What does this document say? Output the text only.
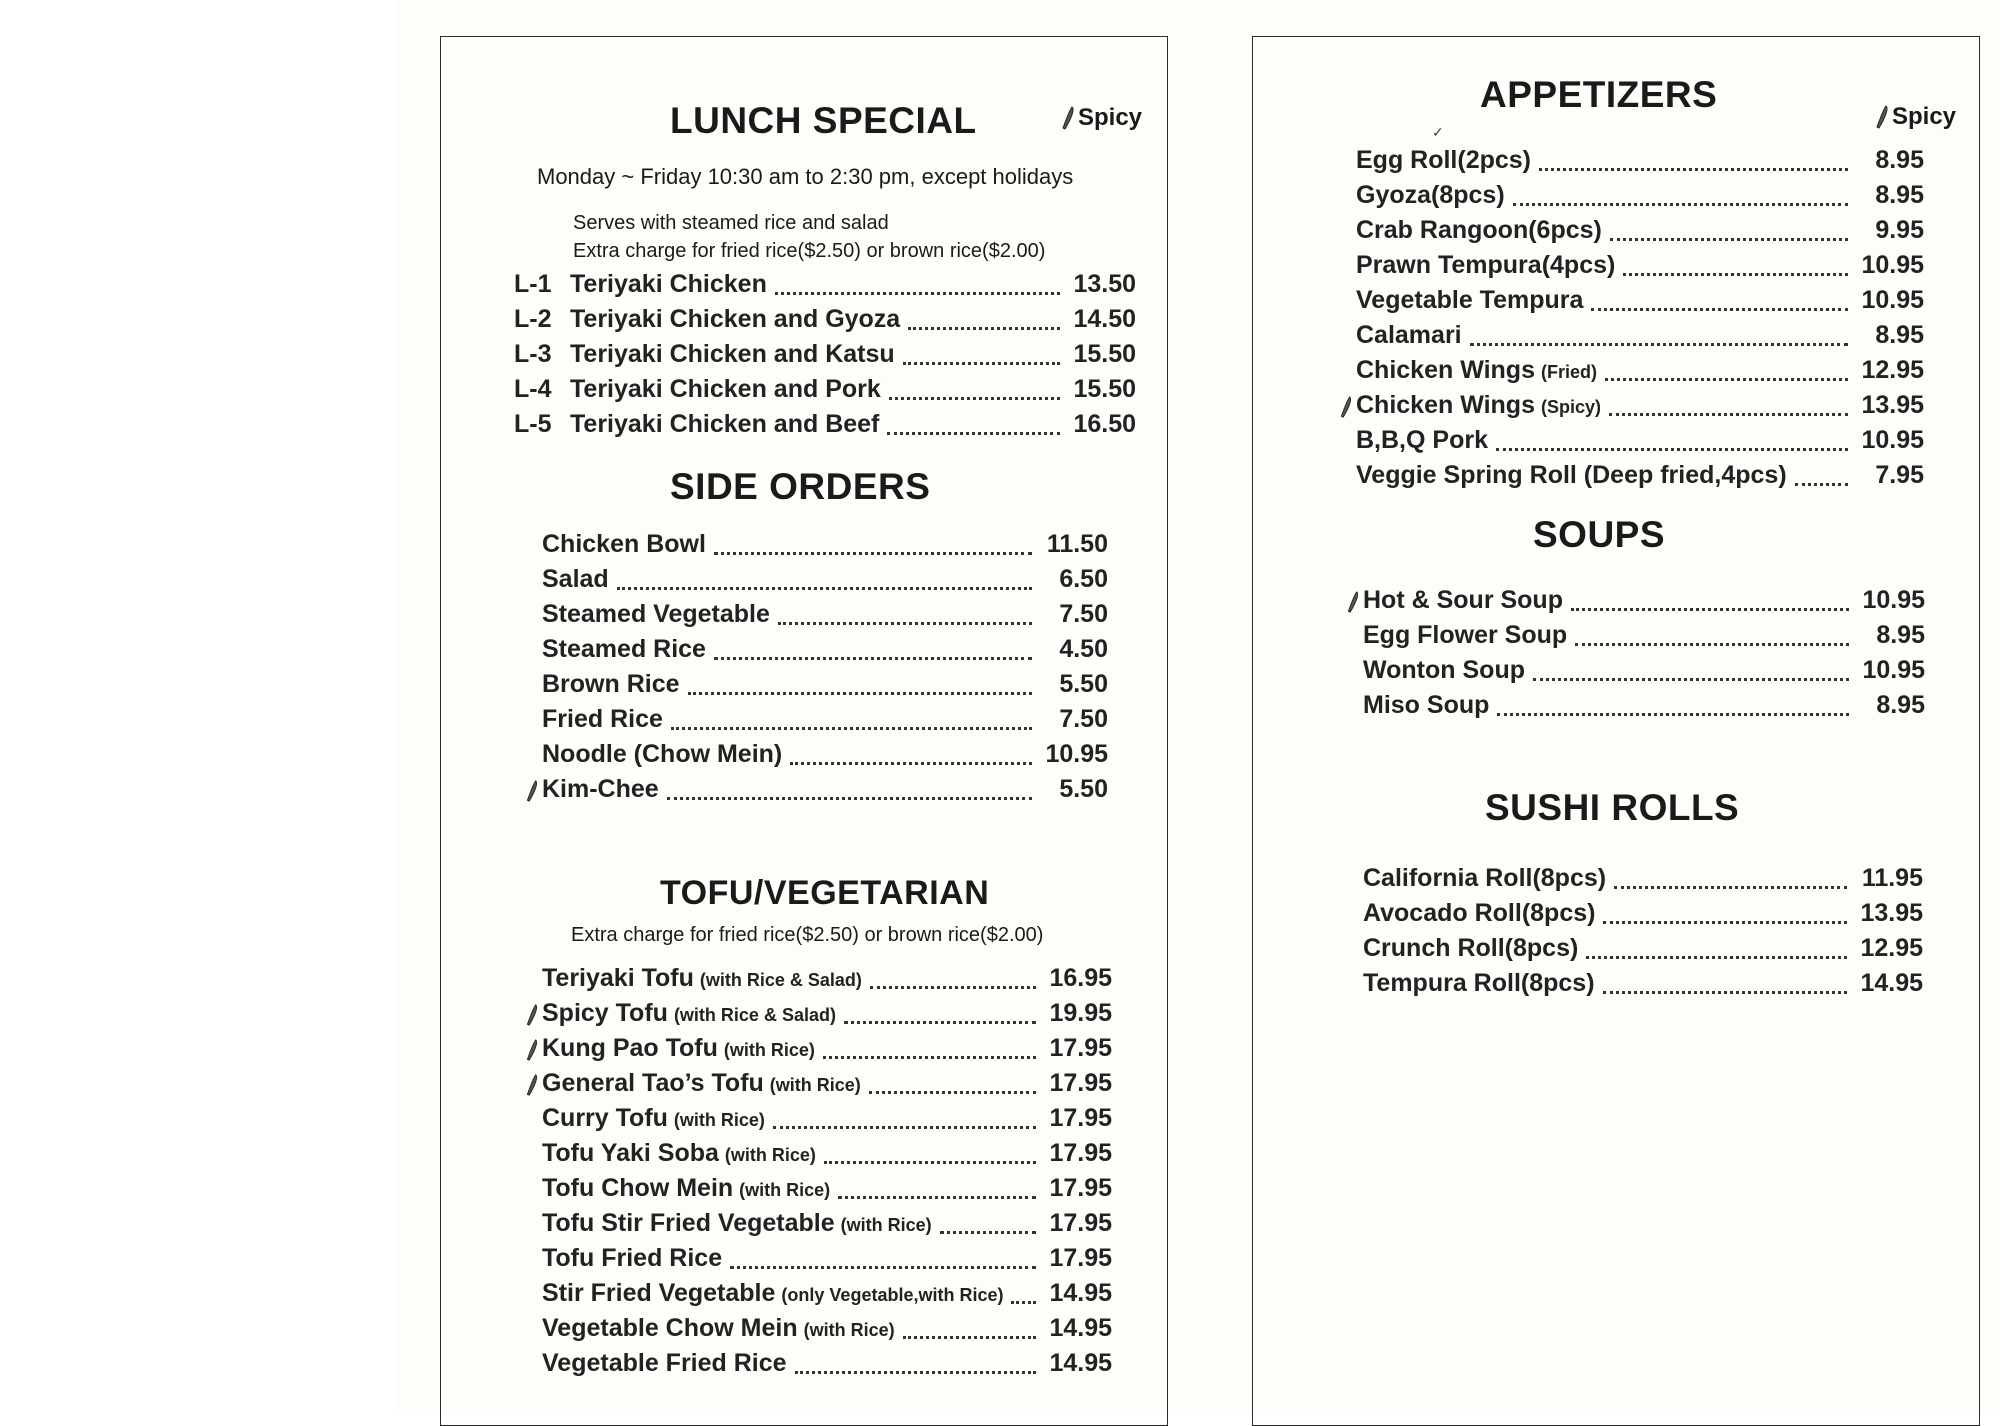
LUNCH SPECIAL	Spicy
Monday ~ Friday 10:30 am to 2:30 pm, except holidays
Serves with steamed rice and salad
Extra charge for fried rice($2.50) or brown rice($2.00)
L-1 Teriyaki Chicken	13.50
L-2 Teriyaki Chicken and Gyoza	14.50
L-3 Teriyaki Chicken and Katsu	15.50
L-4 Teriyaki Chicken and Pork	15.50
L-5 Teriyaki Chicken and Beef	16.50
SIDE ORDERS
Chicken Bowl	11.50
Salad	6.50
Steamed Vegetable	7.50
Steamed Rice	4.50
Brown Rice	5.50
Fried Rice	7.50
Noodle (Chow Mein)	10.95
Kim-Chee	5.50
TOFU/VEGETARIAN
Extra charge for fried rice($2.50) or brown rice($2.00)
Teriyaki Tofu (with Rice & Salad)	16.95
Spicy Tofu (with Rice & Salad)	19.95
Kung Pao Tofu (with Rice)	17.95
General Tao’s Tofu (with Rice)	17.95
Curry Tofu (with Rice)	17.95
Tofu Yaki Soba (with Rice)	17.95
Tofu Chow Mein (with Rice)	17.95
Tofu Stir Fried Vegetable (with Rice)	17.95
Tofu Fried Rice	17.95
Stir Fried Vegetable (only Vegetable,with Rice) 14.95
Vegetable Chow Mein (with Rice)	14.95
Vegetable Fried Rice	14.95
APPETIZERS
✓
Spicy
Egg Roll(2pcs)	8.95
Gyoza(8pcs)	8.95
Crab Rangoon(6pcs)	9.95
Prawn Tempura(4pcs)	10.95
Vegetable Tempura	10.95
Calamari	8.95
Chicken Wings (Fried)	12.95
Chicken Wings (Spicy)	13.95
B,B,Q Pork	10.95
Veggie Spring Roll (Deep fried,4pcs)	7.95
SOUPS
Hot & Sour Soup	10.95
Egg Flower Soup	8.95
Wonton Soup	10.95
Miso Soup	8.95
SUSHI ROLLS
California Roll(8pcs)	11.95
Avocado Roll(8pcs)	13.95
Crunch Roll(8pcs)	12.95
Tempura Roll(8pcs)	14.95
